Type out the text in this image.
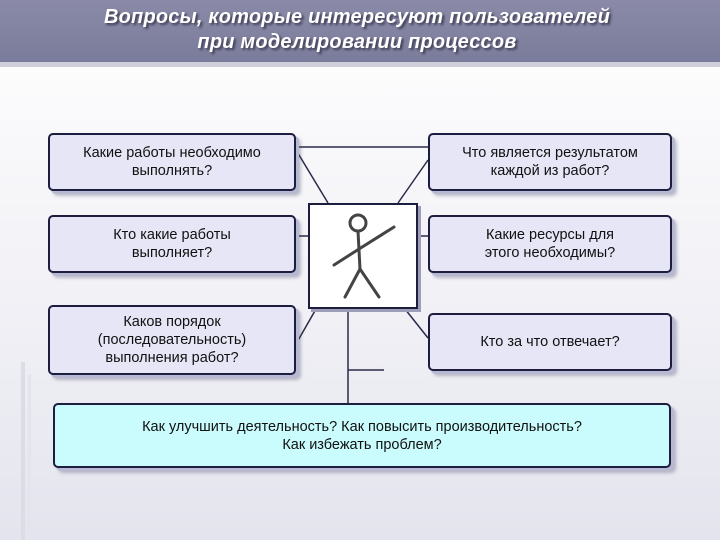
Вопросы, которые интересуют пользователей
при моделировании процессов
Какие работы необходимо
выполнять?
Кто какие работы
выполняет?
Каков порядок
(последовательность)
выполнения работ?
Что является результатом
каждой из работ?
Какие ресурсы для
этого необходимы?
Кто за что отвечает?
Как улучшить деятельность? Как повысить производительность?
Как избежать проблем?
